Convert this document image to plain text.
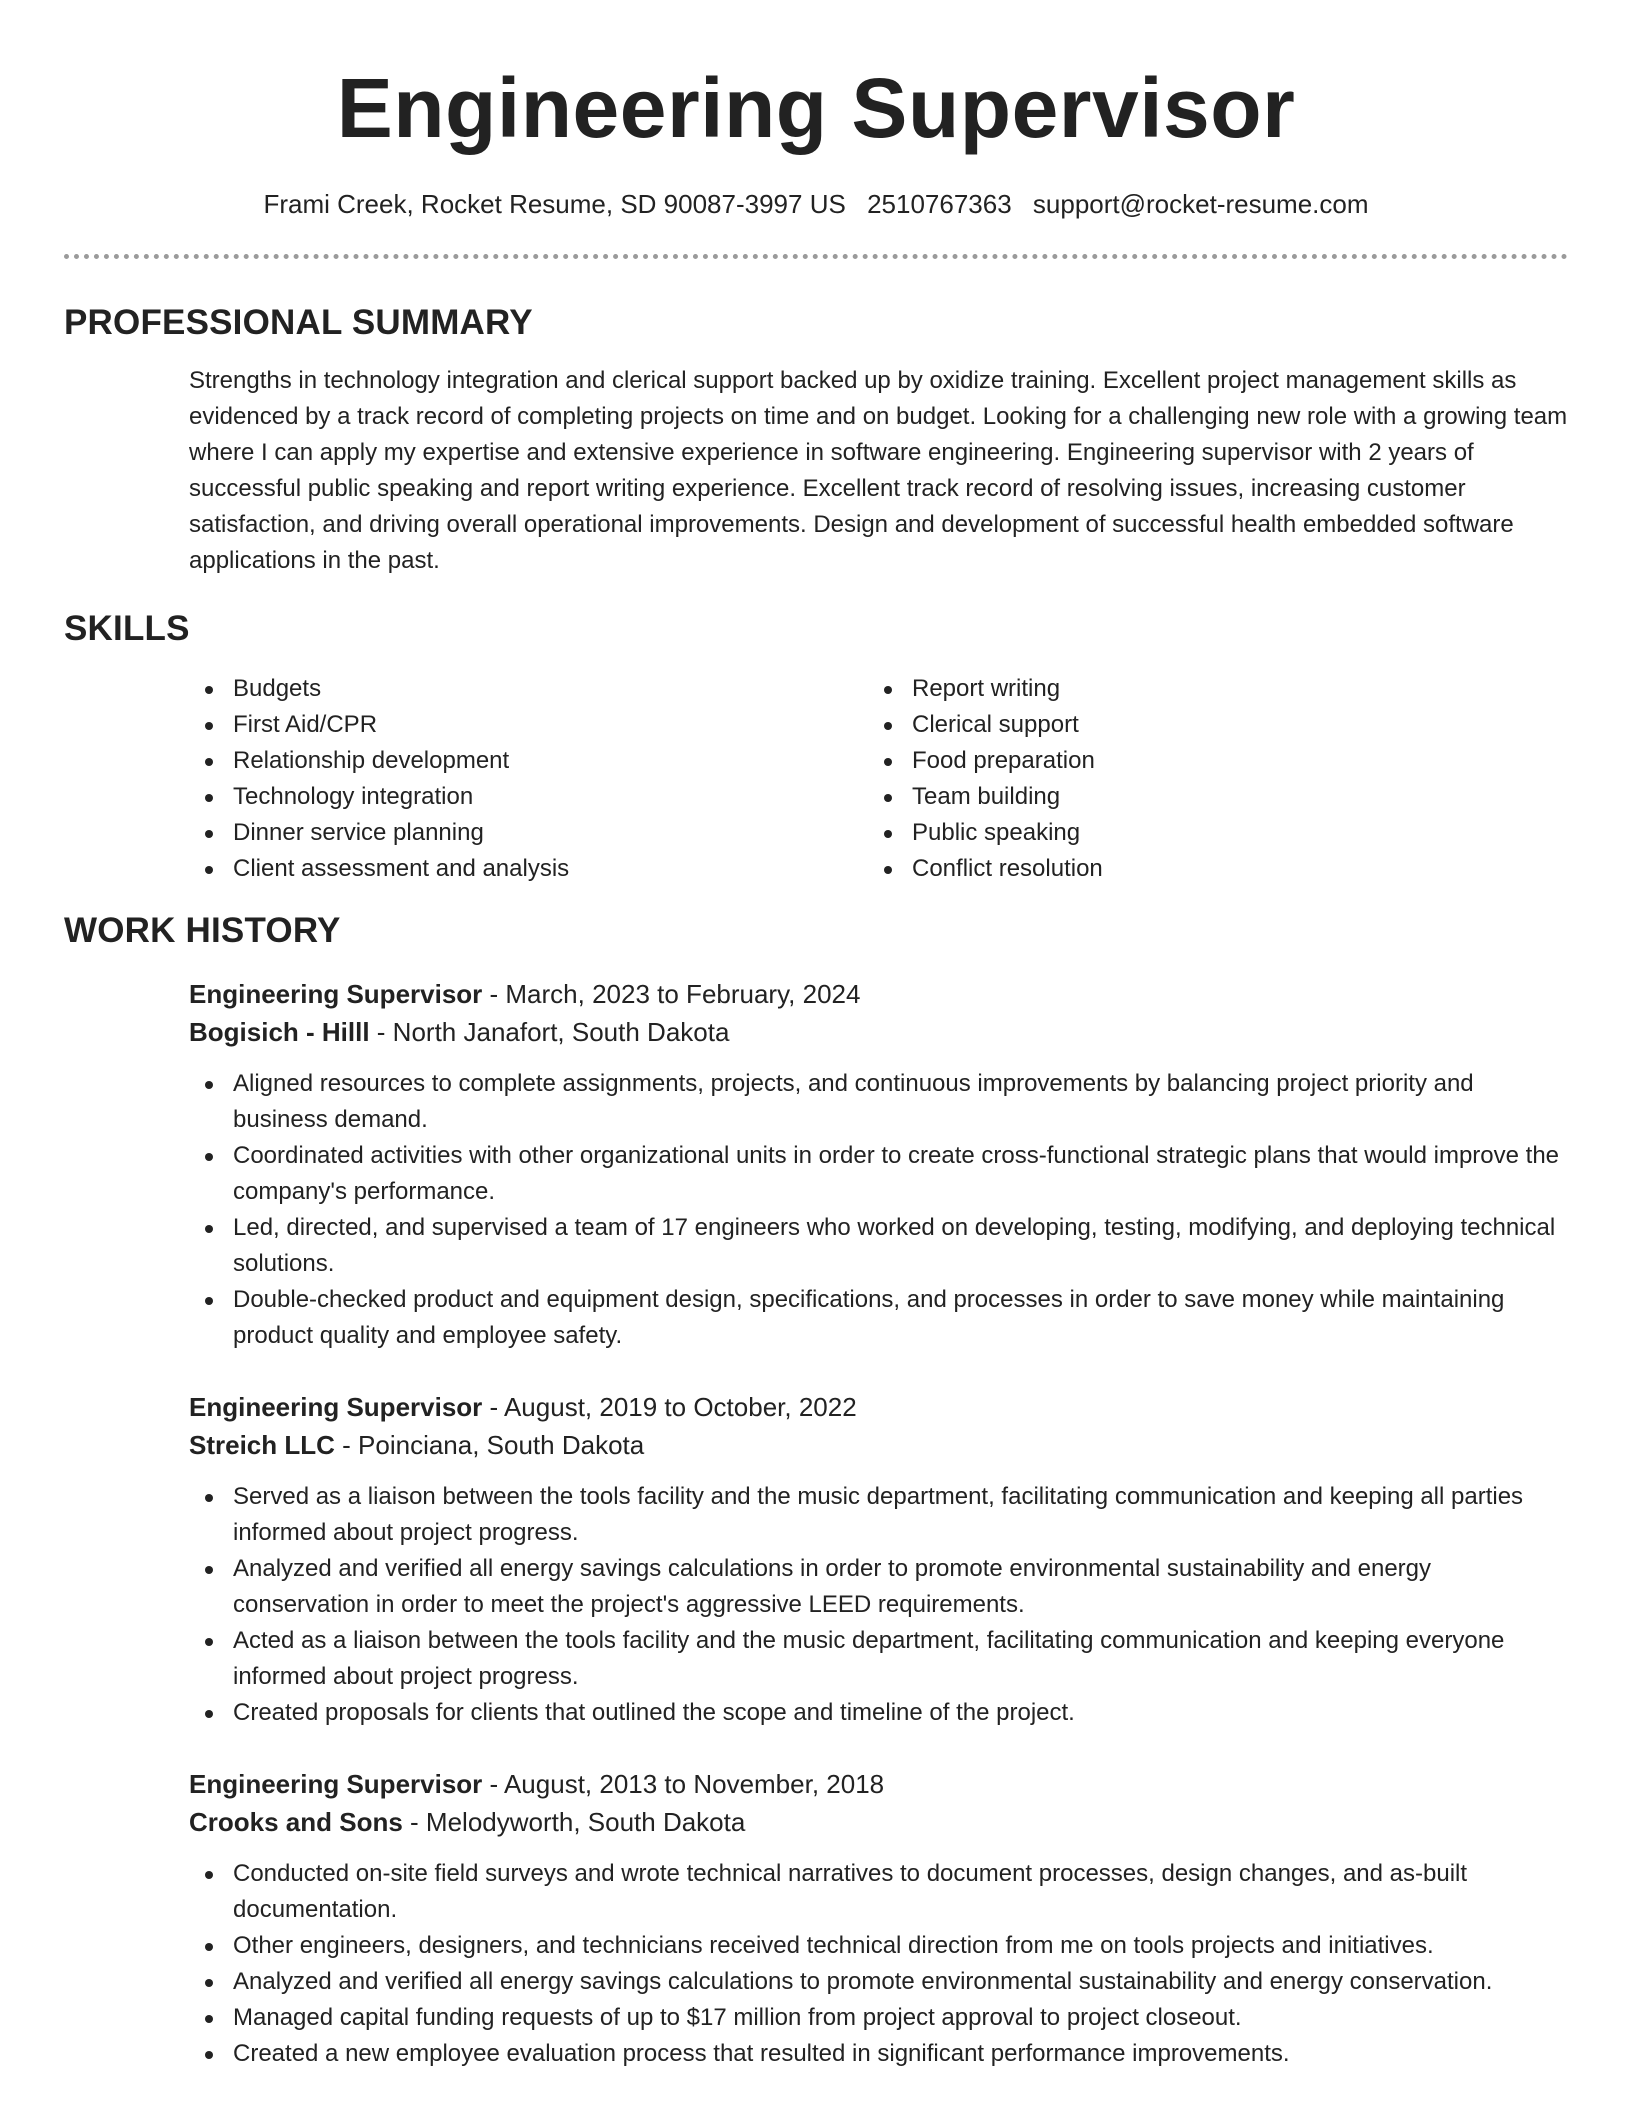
Engineering Supervisor
Frami Creek, Rocket Resume, SD 90087-3997 US 2510767363 support@rocket-resume.com
PROFESSIONAL SUMMARY
Strengths in technology integration and clerical support backed up by oxidize training. Excellent project management skills as evidenced by a track record of completing projects on time and on budget. Looking for a challenging new role with a growing team where I can apply my expertise and extensive experience in software engineering. Engineering supervisor with 2 years of successful public speaking and report writing experience. Excellent track record of resolving issues, increasing customer satisfaction, and driving overall operational improvements. Design and development of successful health embedded software applications in the past.
SKILLS
Budgets
First Aid/CPR
Relationship development
Technology integration
Dinner service planning
Client assessment and analysis
Report writing
Clerical support
Food preparation
Team building
Public speaking
Conflict resolution
WORK HISTORY
Engineering Supervisor - March, 2023 to February, 2024
Bogisich - Hilll - North Janafort, South Dakota
Aligned resources to complete assignments, projects, and continuous improvements by balancing project priority and business demand.
Coordinated activities with other organizational units in order to create cross-functional strategic plans that would improve the company's performance.
Led, directed, and supervised a team of 17 engineers who worked on developing, testing, modifying, and deploying technical solutions.
Double-checked product and equipment design, specifications, and processes in order to save money while maintaining product quality and employee safety.
Engineering Supervisor - August, 2019 to October, 2022
Streich LLC - Poinciana, South Dakota
Served as a liaison between the tools facility and the music department, facilitating communication and keeping all parties informed about project progress.
Analyzed and verified all energy savings calculations in order to promote environmental sustainability and energy conservation in order to meet the project's aggressive LEED requirements.
Acted as a liaison between the tools facility and the music department, facilitating communication and keeping everyone informed about project progress.
Created proposals for clients that outlined the scope and timeline of the project.
Engineering Supervisor - August, 2013 to November, 2018
Crooks and Sons - Melodyworth, South Dakota
Conducted on-site field surveys and wrote technical narratives to document processes, design changes, and as-built documentation.
Other engineers, designers, and technicians received technical direction from me on tools projects and initiatives.
Analyzed and verified all energy savings calculations to promote environmental sustainability and energy conservation.
Managed capital funding requests of up to $17 million from project approval to project closeout.
Created a new employee evaluation process that resulted in significant performance improvements.
